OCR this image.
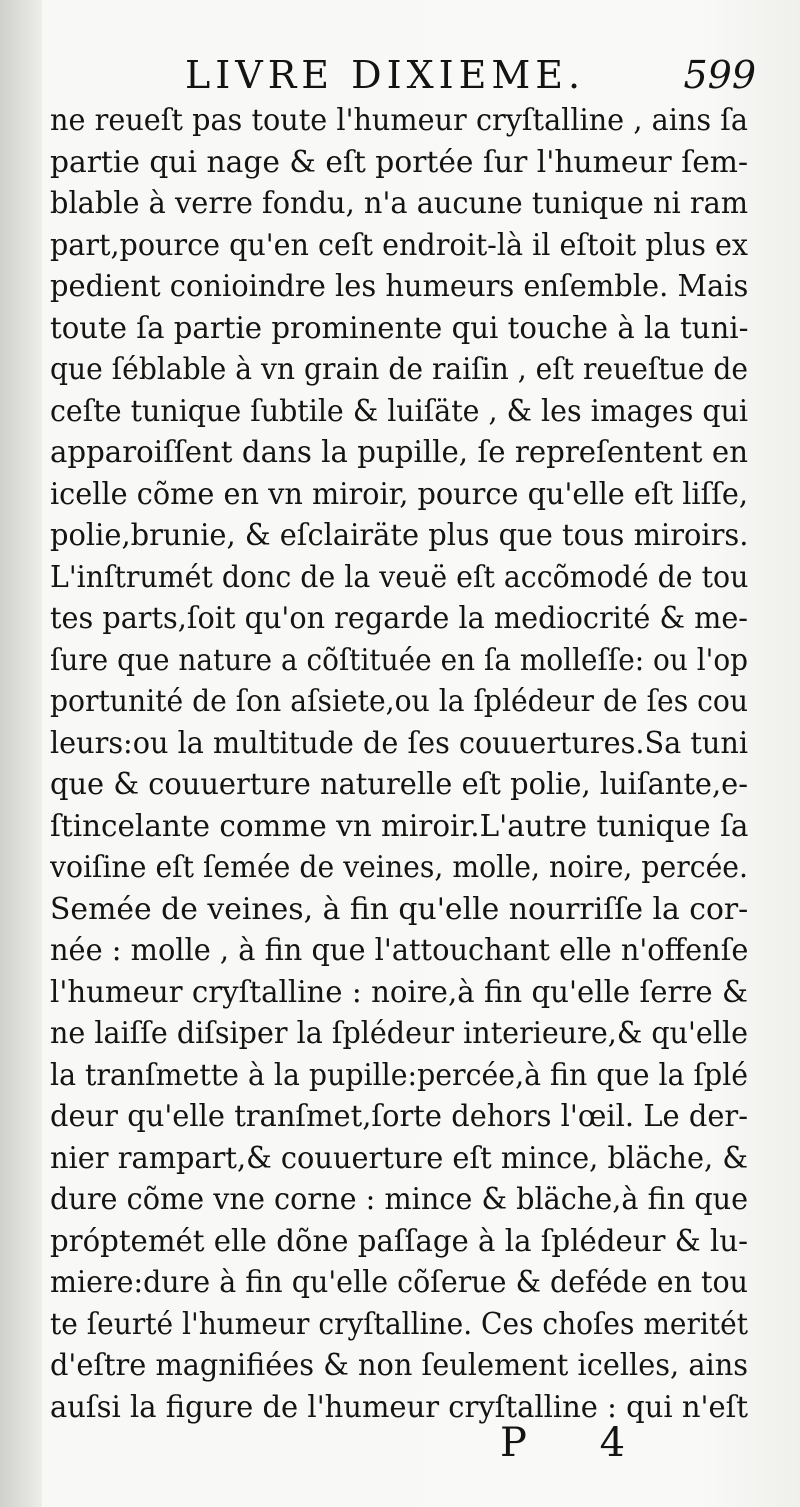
LIVRE DIXIEME.	599
ne reueſt pas toute l'humeur cryſtalline , ains ſa
partie qui nage & eſt portée ſur l'humeur ſem-
blable à verre fondu, n'a aucune tunique ni ram
part,pource qu'en ceſt endroit-là il eſtoit plus ex
pedient conioindre les humeurs enſemble. Mais
toute ſa partie prominente qui touche à la tuni-
que ſéblable à vn grain de raiſin , eſt reueſtue de
ceſte tunique ſubtile & luiſäte , & les images qui
apparoiſſent dans la pupille, ſe repreſentent en
icelle cõme en vn miroir, pource qu'elle eſt liſſe,
polie,brunie, & eſclairäte plus que tous miroirs.
L'inſtrumét donc de la veuë eſt accõmodé de tou
tes parts,ſoit qu'on regarde la mediocrité & me-
ſure que nature a cõſtituée en ſa molleſſe: ou l'op
portunité de ſon aſsiete,ou la ſplédeur de ſes cou
leurs:ou la multitude de ſes couuertures.Sa tuni
que & couuerture naturelle eſt polie, luiſante,e-
ſtincelante comme vn miroir.L'autre tunique ſa
voiſine eſt ſemée de veines, molle, noire, percée.
Semée de veines, à fin qu'elle nourriſſe la cor-
née : molle , à fin que l'attouchant elle n'offenſe
l'humeur cryſtalline : noire,à fin qu'elle ſerre &
ne laiſſe diſsiper la ſplédeur interieure,& qu'elle
la tranſmette à la pupille:percée,à fin que la ſplé
deur qu'elle tranſmet,ſorte dehors l'œil. Le der-
nier rampart,& couuerture eſt mince, bläche, &
dure cõme vne corne : mince & bläche,à fin que
próptemét elle dõne paſſage à la ſplédeur & lu-
miere:dure à fin qu'elle cõſerue & deféde en tou
te ſeurté l'humeur cryſtalline. Ces choſes meritét
d'eſtre magnifiées & non ſeulement icelles, ains
auſsi la figure de l'humeur cryſtalline : qui n'eſt
P 4
